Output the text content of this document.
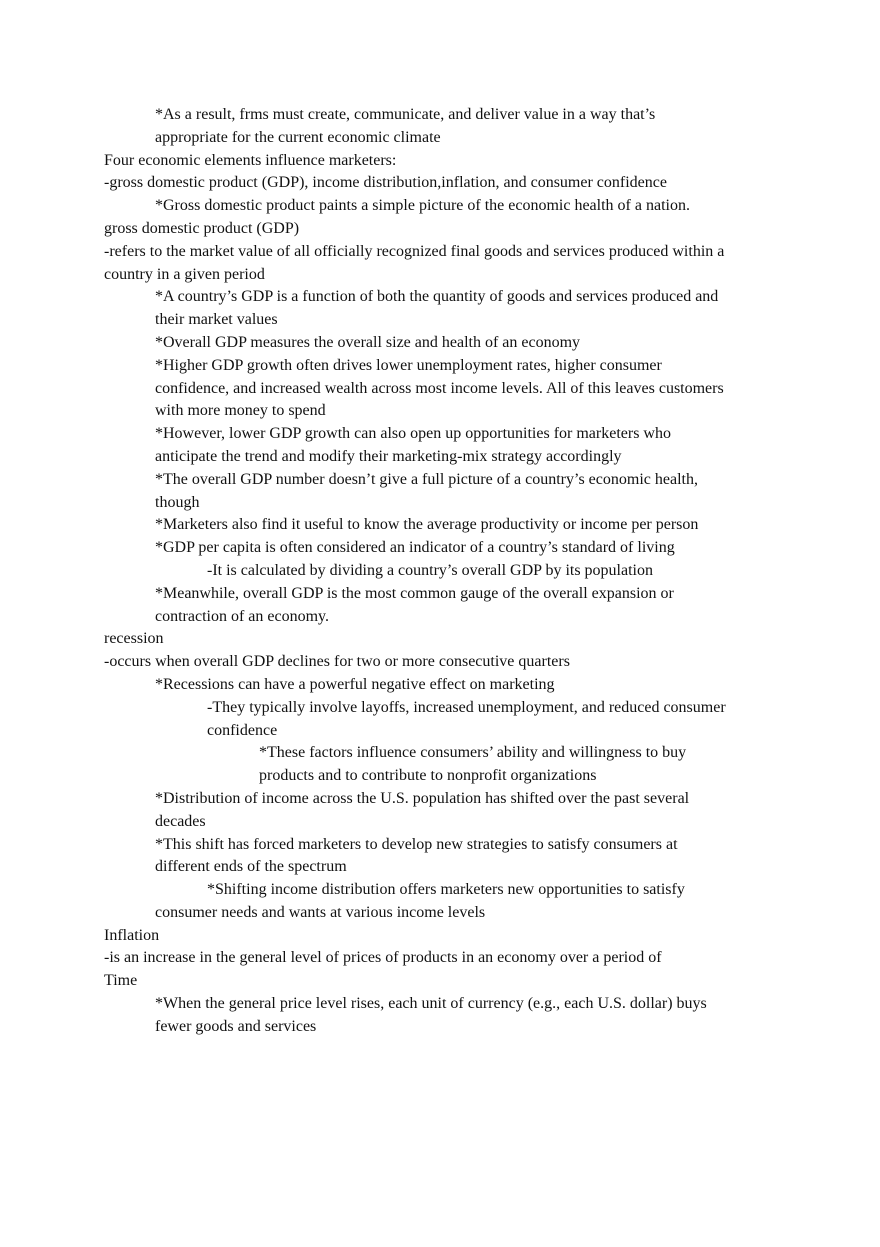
*As a result, frms must create, communicate, and deliver value in a way that’s
appropriate for the current economic climate
Four economic elements influence marketers:
-gross domestic product (GDP), income distribution,inflation, and consumer confidence
*Gross domestic product paints a simple picture of the economic health of a nation.
gross domestic product (GDP)
-refers to the market value of all officially recognized final goods and services produced within a
country in a given period
*A country’s GDP is a function of both the quantity of goods and services produced and
their market values
*Overall GDP measures the overall size and health of an economy
*Higher GDP growth often drives lower unemployment rates, higher consumer
confidence, and increased wealth across most income levels. All of this leaves customers
with more money to spend
*However, lower GDP growth can also open up opportunities for marketers who
anticipate the trend and modify their marketing-mix strategy accordingly
*The overall GDP number doesn’t give a full picture of a country’s economic health,
though
*Marketers also find it useful to know the average productivity or income per person
*GDP per capita is often considered an indicator of a country’s standard of living
-It is calculated by dividing a country’s overall GDP by its population
*Meanwhile, overall GDP is the most common gauge of the overall expansion or
contraction of an economy.
recession
-occurs when overall GDP declines for two or more consecutive quarters
*Recessions can have a powerful negative effect on marketing
-They typically involve layoffs, increased unemployment, and reduced consumer
confidence
*These factors influence consumers’ ability and willingness to buy
products and to contribute to nonprofit organizations
*Distribution of income across the U.S. population has shifted over the past several
decades
*This shift has forced marketers to develop new strategies to satisfy consumers at
different ends of the spectrum
*Shifting income distribution offers marketers new opportunities to satisfy
consumer needs and wants at various income levels
Inflation
-is an increase in the general level of prices of products in an economy over a period of
Time
*When the general price level rises, each unit of currency (e.g., each U.S. dollar) buys
fewer goods and services
